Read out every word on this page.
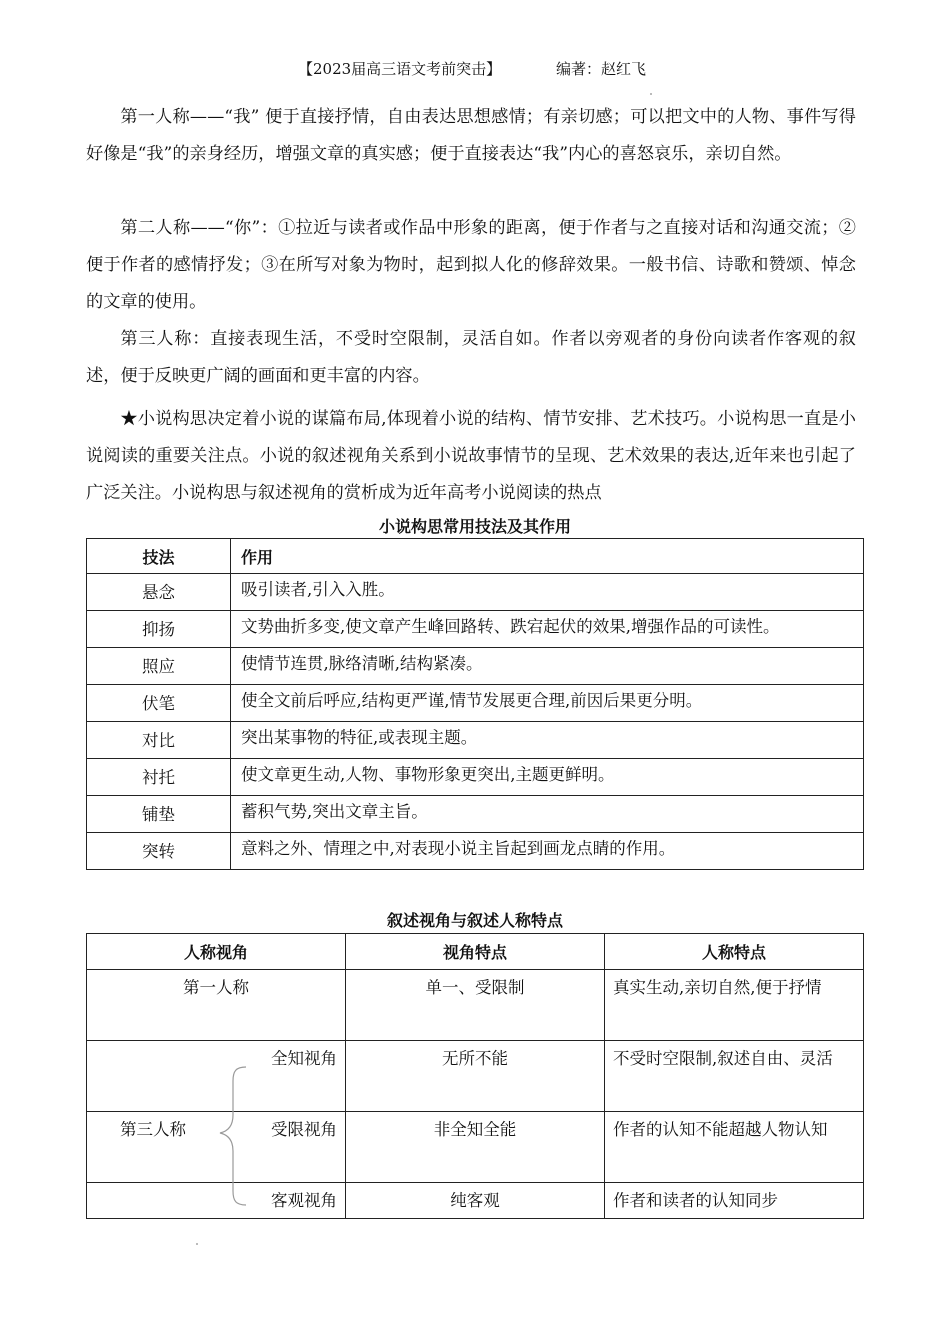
【2023届高三语文考前突击】	编著：赵红飞

第一人称——“我” 便于直接抒情，自由表达思想感情；有亲切感；可以把文中的人物、事件写得好像是“我”的亲身经历，增强文章的真实感；便于直接表达“我”内心的喜怒哀乐，亲切自然。

第二人称——“你”：①拉近与读者或作品中形象的距离，便于作者与之直接对话和沟通交流；②便于作者的感情抒发；③在所写对象为物时，起到拟人化的修辞效果。一般书信、诗歌和赞颂、悼念的文章的使用。

第三人称：直接表现生活，不受时空限制，灵活自如。作者以旁观者的身份向读者作客观的叙述，便于反映更广阔的画面和更丰富的内容。

★小说构思决定着小说的谋篇布局,体现着小说的结构、情节安排、艺术技巧。小说构思一直是小说阅读的重要关注点。小说的叙述视角关系到小说故事情节的呈现、艺术效果的表达,近年来也引起了广泛关注。小说构思与叙述视角的赏析成为近年高考小说阅读的热点

小说构思常用技法及其作用
技法	作用
悬念	吸引读者,引入入胜。

抑扬	文势曲折多变,使文章产生峰回路转、跌宕起伏的效果,增强作品的可读性。

照应	使情节连贯,脉络清晰,结构紧凑。

伏笔	使全文前后呼应,结构更严谨,情节发展更合理,前因后果更分明。

对比	突出某事物的特征,或表现主题。

衬托	使文章更生动,人物、事物形象更突出,主题更鲜明。

铺垫	蓄积气势,突出文章主旨。

突转	意料之外、情理之中,对表现小说主旨起到画龙点睛的作用。
叙述视角与叙述人称特点
人称视角	视角特点	人称特点
第一人称	单一、受限制	真实生动,亲切自然,便于抒情

全知视角	无所不能	不受时空限制,叙述自由、灵活

第三人称 受限视角	非全知全能	作者的认知不能超越人物认知

客观视角	纯客观	作者和读者的认知同步
